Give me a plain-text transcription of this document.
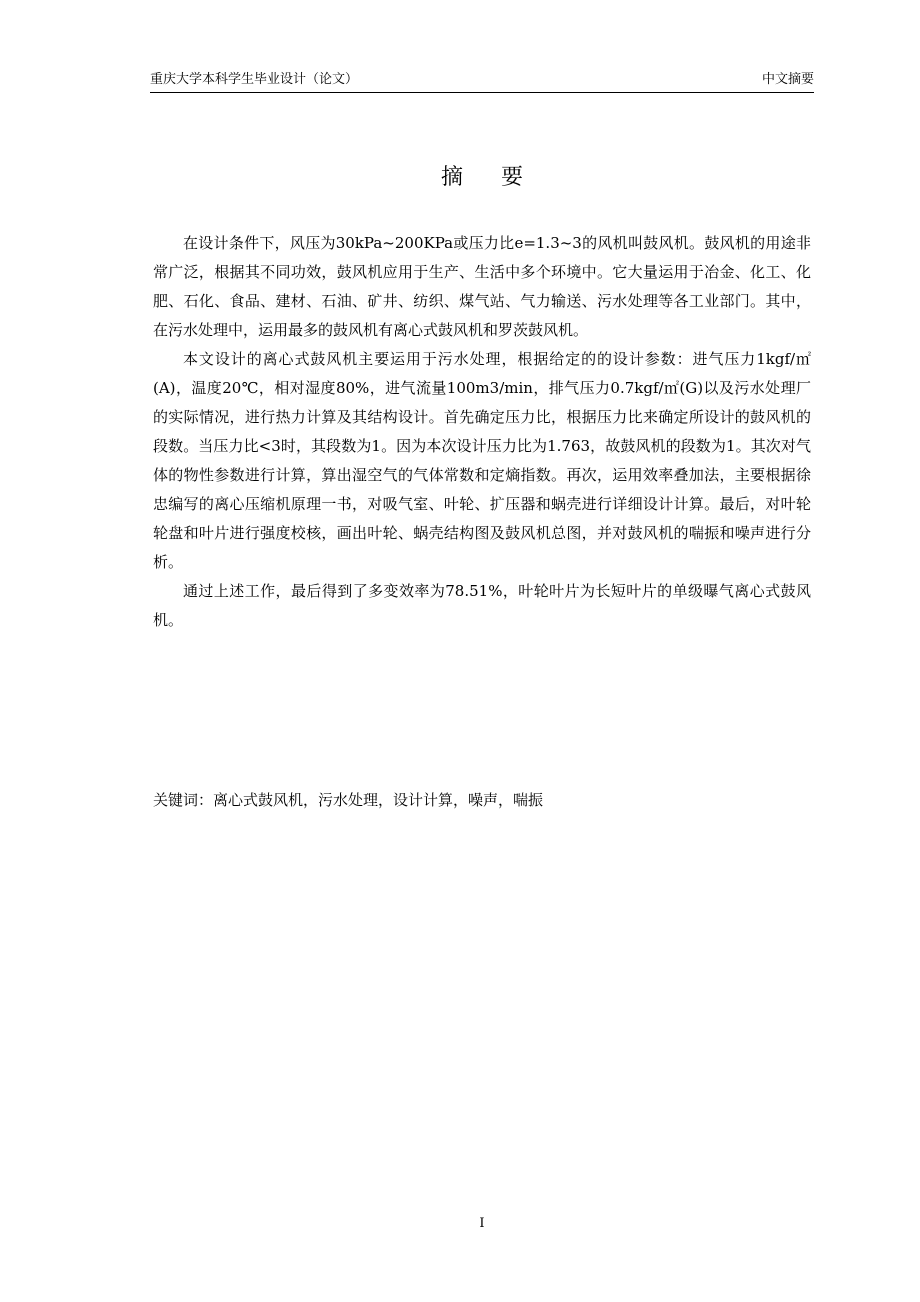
重庆大学本科学生毕业设计（论文）	中文摘要
摘要

在设计条件下，风压为30kPa~200KPa或压力比e=1.3~3的风机叫鼓风机。鼓风机的用途非常广泛，根据其不同功效，鼓风机应用于生产、生活中多个环境中。它大量运用于冶金、化工、化肥、石化、食品、建材、石油、矿井、纺织、煤气站、气力输送、污水处理等各工业部门。其中，在污水处理中，运用最多的鼓风机有离心式鼓风机和罗茨鼓风机。

本文设计的离心式鼓风机主要运用于污水处理，根据给定的的设计参数：进气压力1kgf/㎡(A)，温度20℃，相对湿度80%，进气流量100m3/min，排气压力0.7kgf/㎡(G)以及污水处理厂的实际情况，进行热力计算及其结构设计。首先确定压力比，根据压力比来确定所设计的鼓风机的段数。当压力比<3时，其段数为1。因为本次设计压力比为1.763，故鼓风机的段数为1。其次对气体的物性参数进行计算，算出湿空气的气体常数和定熵指数。再次，运用效率叠加法，主要根据徐忠编写的离心压缩机原理一书，对吸气室、叶轮、扩压器和蜗壳进行详细设计计算。最后，对叶轮轮盘和叶片进行强度校核，画出叶轮、蜗壳结构图及鼓风机总图，并对鼓风机的喘振和噪声进行分析。

通过上述工作，最后得到了多变效率为78.51%，叶轮叶片为长短叶片的单级曝气离心式鼓风机。

关键词：离心式鼓风机，污水处理，设计计算，噪声，喘振
I
